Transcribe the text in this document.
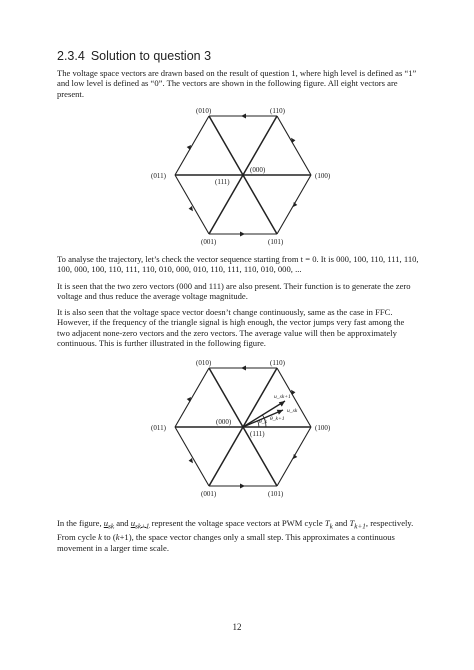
2.3.4 Solution to question 3

The voltage space vectors are drawn based on the result of question 1, where high level is defined as “1” and low level is defined as “0”. The vectors are shown in the following figure. All eight vectors are present.

(010)	(110)
(011)	(100)
(001)	(101)
(000)
(111)

To analyse the trajectory, let’s check the vector sequence starting from t = 0. It is 000, 100, 110, 111, 110, 100, 000, 100, 110, 111, 110, 010, 000, 010, 110, 111, 110, 010, 000, ...

It is seen that the two zero vectors (000 and 111) are also present. Their function is to generate the zero voltage and thus reduce the average voltage magnitude.

It is also seen that the voltage space vector doesn’t change continuously, same as the case in FFC. However, if the frequency of the triangle signal is high enough, the vector jumps very fast among the two adjacent none-zero vectors and the zero vectors. The average value will then be approximately continuous. This is further illustrated in the following figure.

(010)	(110)
(011)	(100)
(001)	(101)
(000)
(111)
u_sk+1
u_sk
θ_k θ_k+1

In the figure, $u_{sk}$ and $u_{sk+1}$ represent the voltage space vectors at PWM cycle $T_k$ and $T_{k+1}$, respectively. From cycle k to (k+1), the space vector changes only a small step. This approximates a continuous movement in a larger time scale.

12
